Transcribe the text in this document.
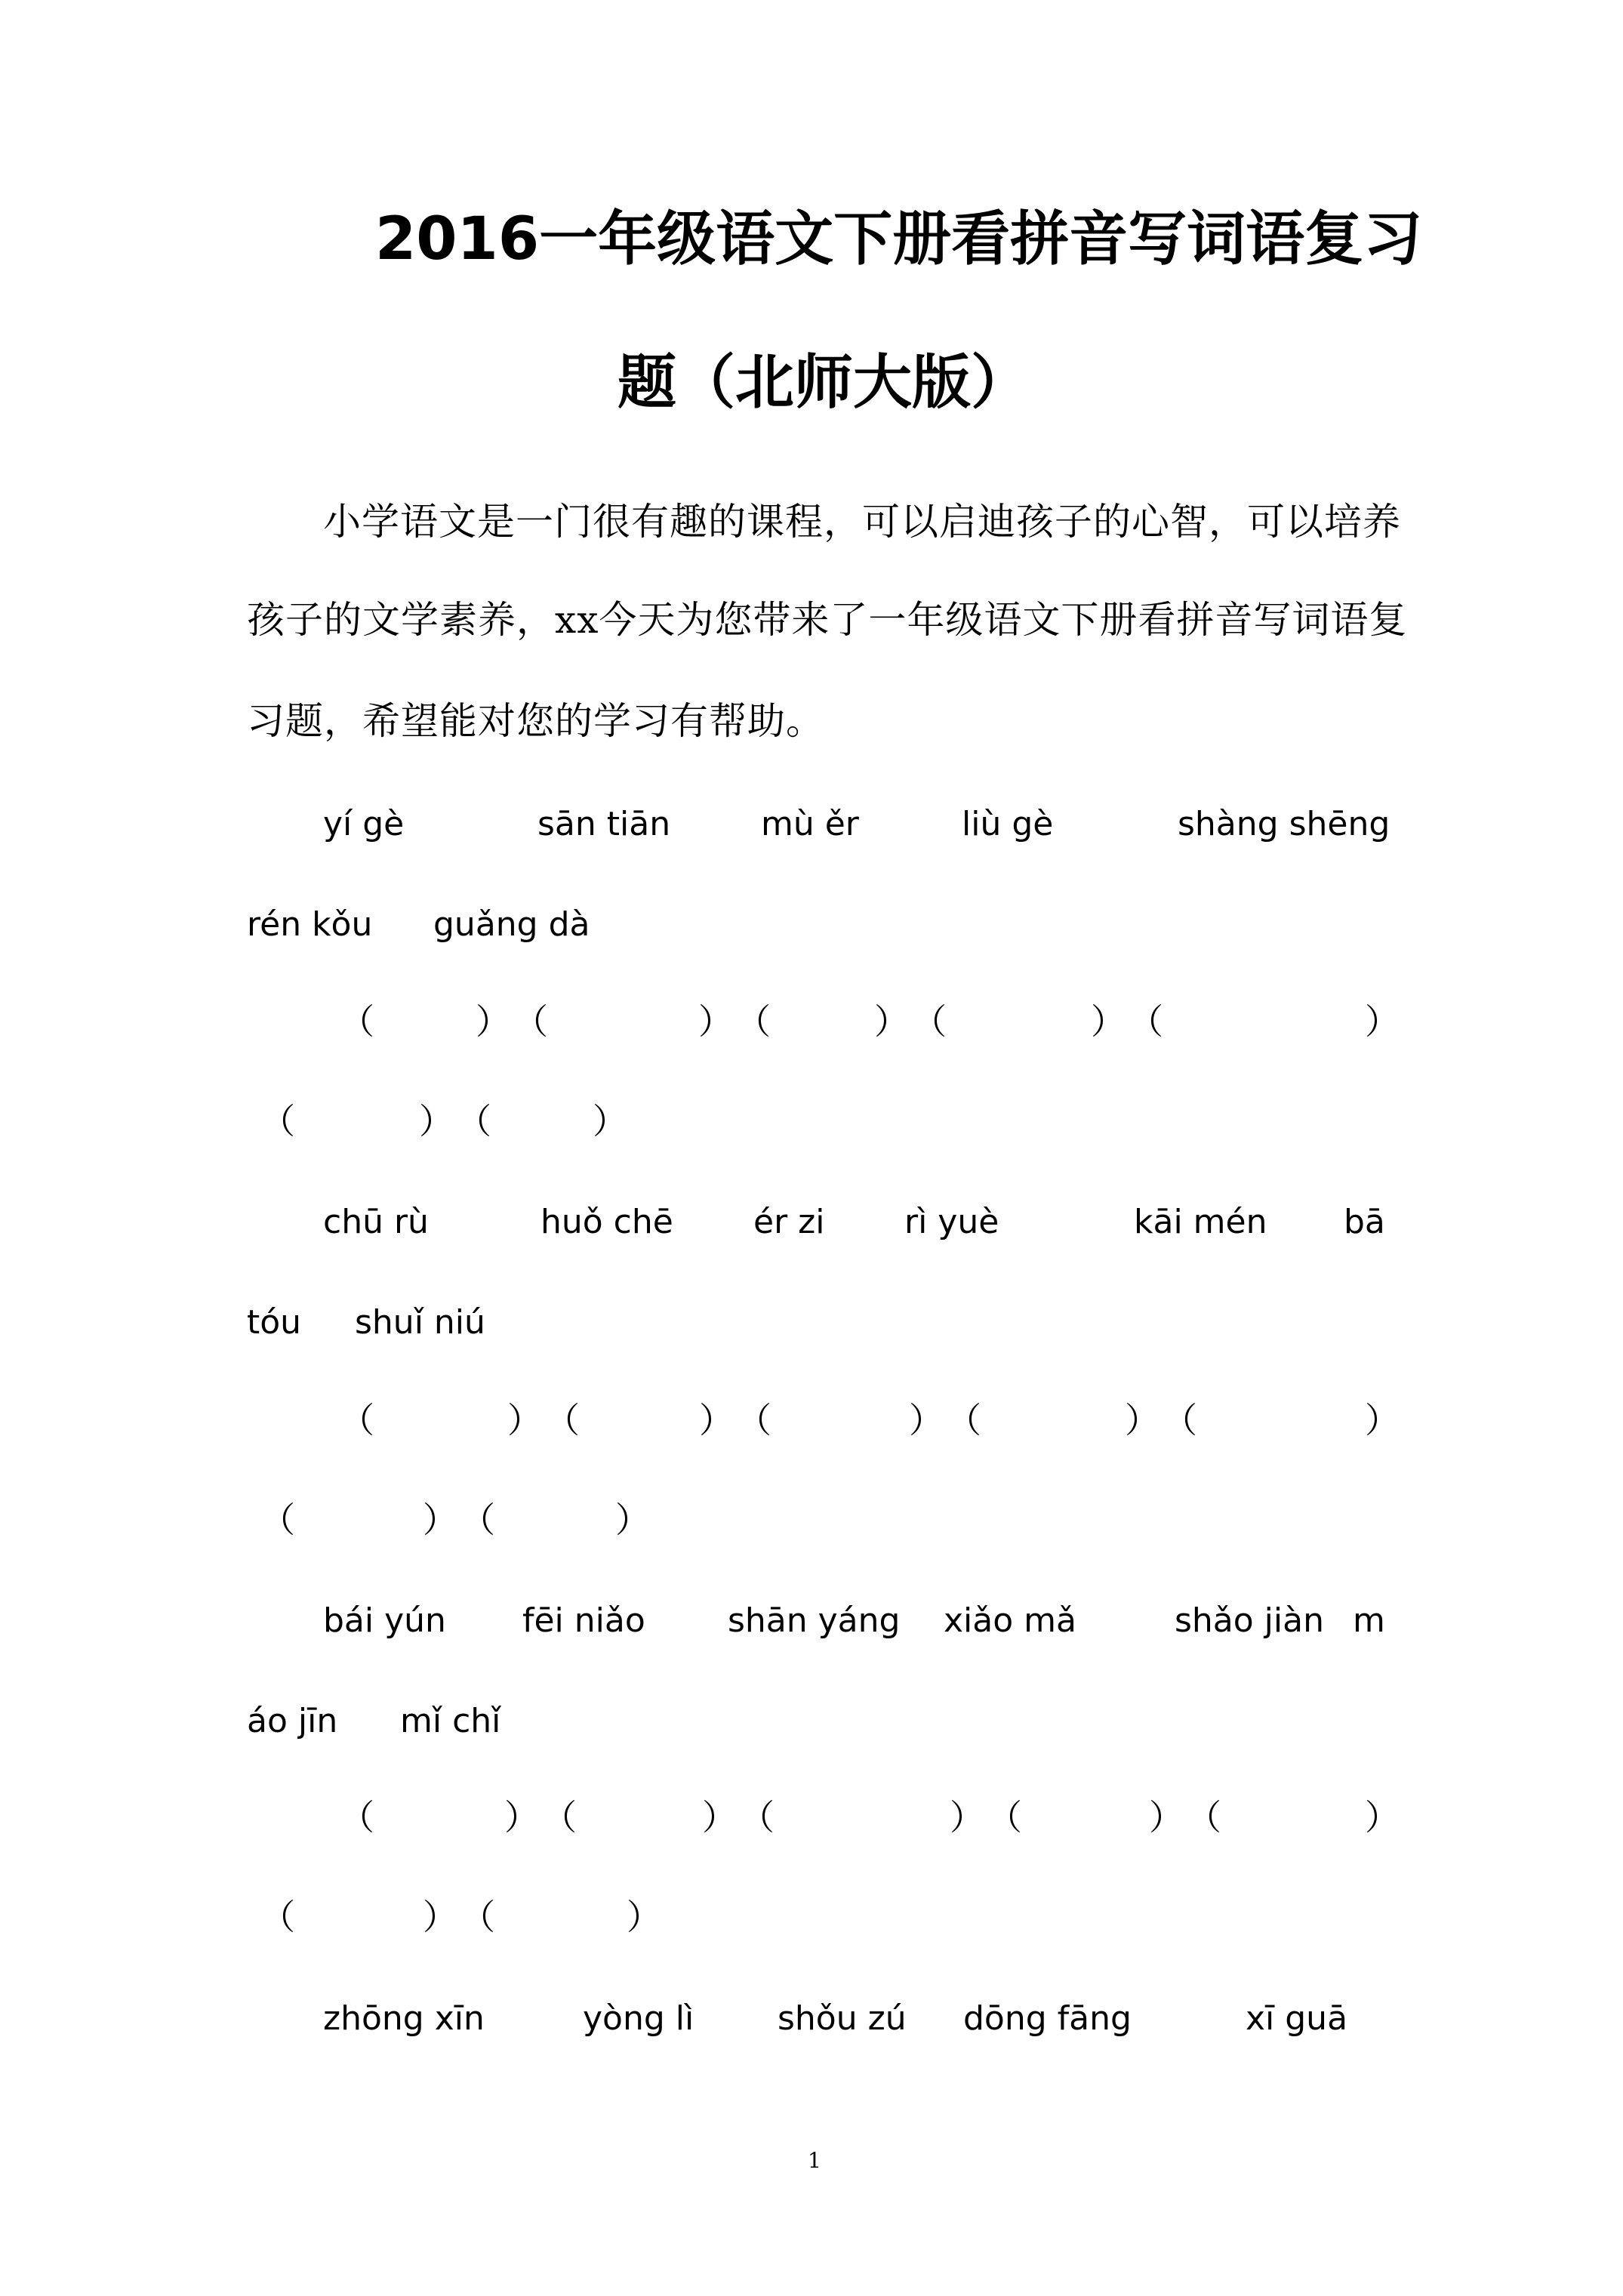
2016一年级语文下册看拼音写词语复习
题（北师大版）
小学语文是一门很有趣的课程，可以启迪孩子的心智，可以培养
孩子的文学素养，xx今天为您带来了一年级语文下册看拼音写词语复
习题，希望能对您的学习有帮助。
yí gè	sān tiān	mù ěr	liù gè	shàng shēng
rén kǒu guǎng dà
（	） （	） （	） （	） （	）
（	） （	）
chū rù	huǒ chē ér zi rì yuè	kāi mén bā
tóu shuǐ niú
（	） （	） （	） （	） （	）
（	） （	）
bái yún fēi niǎo shān yáng xiǎo mǎ	shǎo jiàn m
áo jīn mǐ chǐ
（	） （	） （	） （	） （	）
（	） （	）
zhōng xīn	yòng lì	shǒu zú dōng fāng	xī guā
1
